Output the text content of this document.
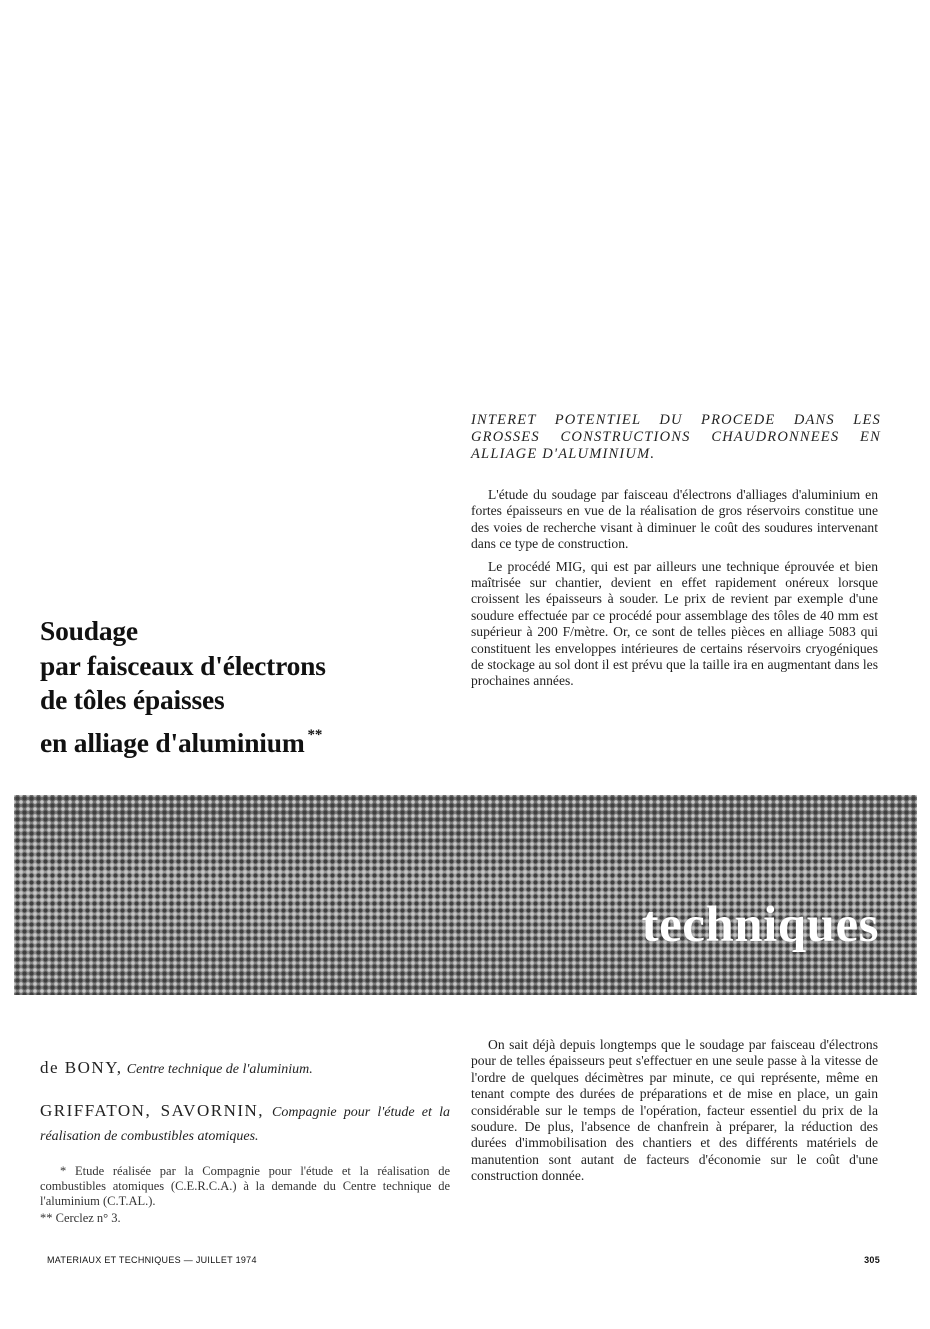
INTERET POTENTIEL DU PROCEDE DANS LES GROSSES CONSTRUCTIONS CHAUDRONNEES EN ALLIAGE D'ALUMINIUM.

L'étude du soudage par faisceau d'électrons d'alliages d'aluminium en fortes épaisseurs en vue de la réalisation de gros réservoirs constitue une des voies de recherche visant à diminuer le coût des soudures intervenant dans ce type de construction.

Le procédé MIG, qui est par ailleurs une technique éprouvée et bien maîtrisée sur chantier, devient en effet rapidement onéreux lorsque croissent les épaisseurs à souder. Le prix de revient par exemple d'une soudure effectuée par ce procédé pour assemblage des tôles de 40 mm est supérieur à 200 F/mètre. Or, ce sont de telles pièces en alliage 5083 qui constituent les enveloppes intérieures de certains réservoirs cryogéniques de stockage au sol dont il est prévu que la taille ira en augmentant dans les prochaines années.

Soudage
par faisceaux d'électrons
de tôles épaisses
en alliage d'aluminium **
techniques
de BONY, Centre technique de l'aluminium.
GRIFFATON, SAVORNIN, Compagnie pour l'étude et la réalisation de combustibles atomiques.

* Etude réalisée par la Compagnie pour l'étude et la réalisation de combustibles atomiques (C.E.R.C.A.) à la demande du Centre technique de l'aluminium (C.T.AL.).

** Cerclez n° 3.

On sait déjà depuis longtemps que le soudage par faisceau d'électrons pour de telles épaisseurs peut s'effectuer en une seule passe à la vitesse de l'ordre de quelques décimètres par minute, ce qui représente, même en tenant compte des durées de préparations et de mise en place, un gain considérable sur le temps de l'opération, facteur essentiel du prix de la soudure. De plus, l'absence de chanfrein à préparer, la réduction des durées d'immobilisation des chantiers et des différents matériels de manutention sont autant de facteurs d'économie sur le coût d'une construction donnée.

MATERIAUX ET TECHNIQUES — JUILLET 1974	305
